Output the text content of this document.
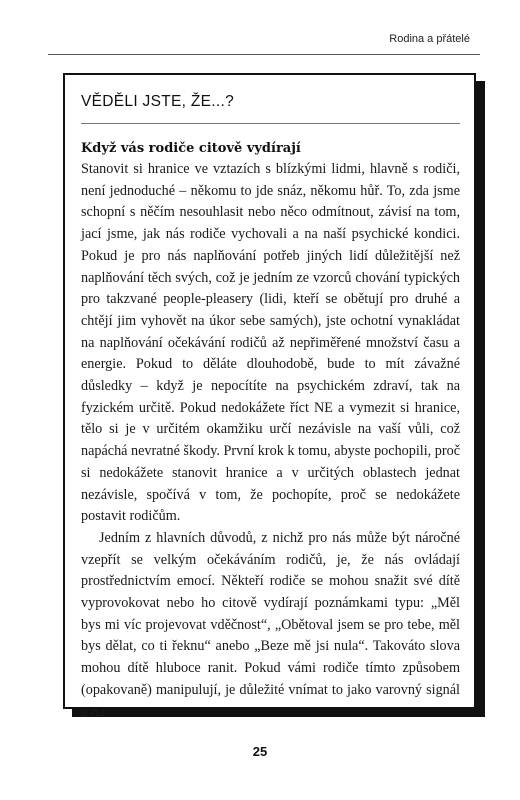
Rodina a přátelé
VĚDĚLI JSTE, ŽE...?
Když vás rodiče citově vydírají

Stanovit si hranice ve vztazích s blízkými lidmi, hlavně s rodiči, není jednoduché – někomu to jde snáz, někomu hůř. To, zda jsme schopní s něčím nesouhlasit nebo něco odmítnout, závisí na tom, jací jsme, jak nás rodiče vychovali a na naší psychické kondici. Pokud je pro nás naplňování potřeb jiných lidí důležitější než naplňování těch svých, což je jedním ze vzorců chování typických pro takzvané people-pleasery (lidi, kteří se obětují pro druhé a chtějí jim vyhovět na úkor sebe samých), jste ochotní vynakládat na naplňování očekávání rodičů až nepřiměřené množství času a energie. Pokud to děláte dlouhodobě, bude to mít závažné důsledky – když je nepocítíte na psychickém zdraví, tak na fyzickém určitě. Pokud nedokážete říct NE a vymezit si hranice, tělo si je v určitém okamžiku určí nezávisle na vaší vůli, což napáchá nevratné škody. První krok k tomu, abyste pochopili, proč si nedokážete stanovit hranice a v určitých oblastech jednat nezávisle, spočívá v tom, že pochopíte, proč se nedokážete postavit rodičům.

Jedním z hlavních důvodů, z nichž pro nás může být náročné vzepřít se velkým očekáváním rodičů, je, že nás ovládají prostřednictvím emocí. Někteří rodiče se mohou snažit své dítě vyprovokovat nebo ho citově vydírají poznámkami typu: „Měl bys mi víc projevovat vděčnost“, „Obětoval jsem se pro tebe, měl bys dělat, co ti řeknu“ anebo „Beze mě jsi nula“. Takováto slova mohou dítě hluboce ranit. Pokud vámi rodiče tímto způsobem (opakovaně) manipulují, je důležité vnímat to jako varovný signál a na

25
